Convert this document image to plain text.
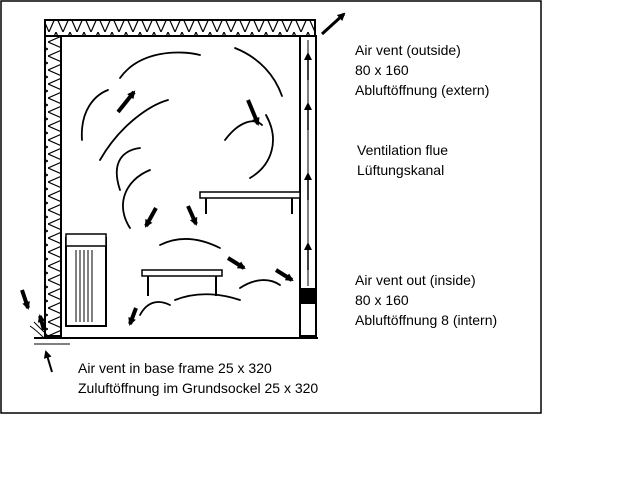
Air vent (outside)
80 x 160
Abluftöffnung (extern)
Ventilation flue
Lüftungskanal
Air vent out (inside)
80 x 160
Abluftöffnung 8 (intern)
Air vent in base frame 25 x 320
Zuluftöffnung im Grundsockel 25 x 320
